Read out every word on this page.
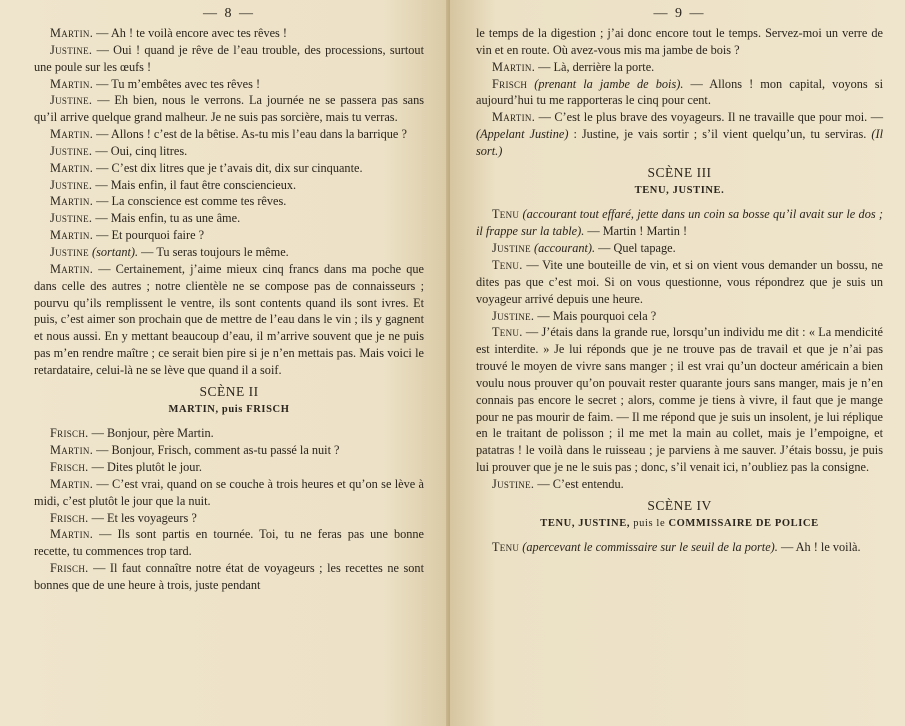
— 8 —

Martin. — Ah ! te voilà encore avec tes rêves !

Justine. — Oui ! quand je rêve de l’eau trouble, des processions, surtout une poule sur les œufs !

Martin. — Tu m’embêtes avec tes rêves !

Justine. — Eh bien, nous le verrons. La journée ne se passera pas sans qu’il arrive quelque grand malheur. Je ne suis pas sorcière, mais tu verras.

Martin. — Allons ! c’est de la bêtise. As-tu mis l’eau dans la barrique ?

Justine. — Oui, cinq litres.

Martin. — C’est dix litres que je t’avais dit, dix sur cinquante.

Justine. — Mais enfin, il faut être consciencieux.

Martin. — La conscience est comme tes rêves.

Justine. — Mais enfin, tu as une âme.

Martin. — Et pourquoi faire ?

Justine (sortant). — Tu seras toujours le même.

Martin. — Certainement, j’aime mieux cinq francs dans ma poche que dans celle des autres ; notre clientèle ne se compose pas de connaisseurs ; pourvu qu’ils remplissent le ventre, ils sont contents quand ils sont ivres. Et puis, c’est aimer son prochain que de mettre de l’eau dans le vin ; ils y gagnent et nous aussi. En y mettant beaucoup d’eau, il m’arrive souvent que je ne puis pas m’en rendre maître ; ce serait bien pire si je n’en mettais pas. Mais voici le retardataire, celui-là ne se lève que quand il a soif.

SCÈNE II
MARTIN, puis FRISCH

Frisch. — Bonjour, père Martin.

Martin. — Bonjour, Frisch, comment as-tu passé la nuit ?

Frisch. — Dites plutôt le jour.

Martin. — C’est vrai, quand on se couche à trois heures et qu’on se lève à midi, c’est plutôt le jour que la nuit.

Frisch. — Et les voyageurs ?

Martin. — Ils sont partis en tournée. Toi, tu ne feras pas une bonne recette, tu commences trop tard.

Frisch. — Il faut connaître notre état de voyageurs ; les recettes ne sont bonnes que de une heure à trois, juste pendant

— 9 —

le temps de la digestion ; j’ai donc encore tout le temps. Servez-moi un verre de vin et en route. Où avez-vous mis ma jambe de bois ?

Martin. — Là, derrière la porte.

Frisch (prenant la jambe de bois). — Allons ! mon capital, voyons si aujourd’hui tu me rapporteras le cinq pour cent.

Martin. — C’est le plus brave des voyageurs. Il ne travaille que pour moi. — (Appelant Justine) : Justine, je vais sortir ; s’il vient quelqu’un, tu serviras. (Il sort.)

SCÈNE III
TENU, JUSTINE.

Tenu (accourant tout effaré, jette dans un coin sa bosse qu’il avait sur le dos ; il frappe sur la table). — Martin ! Martin !

Justine (accourant). — Quel tapage.

Tenu. — Vite une bouteille de vin, et si on vient vous demander un bossu, ne dites pas que c’est moi. Si on vous questionne, vous répondrez que je suis un voyageur arrivé depuis une heure.

Justine. — Mais pourquoi cela ?

Tenu. — J’étais dans la grande rue, lorsqu’un individu me dit : « La mendicité est interdite. » Je lui réponds que je ne trouve pas de travail et que je n’ai pas trouvé le moyen de vivre sans manger ; il est vrai qu’un docteur américain a bien voulu nous prouver qu’on pouvait rester quarante jours sans manger, mais je n’en connais pas encore le secret ; alors, comme je tiens à vivre, il faut que je mange pour ne pas mourir de faim. — Il me répond que je suis un insolent, je lui réplique en le traitant de polisson ; il me met la main au collet, mais je l’empoigne, et patatras ! le voilà dans le ruisseau ; je parviens à me sauver. J’étais bossu, je puis lui prouver que je ne le suis pas ; donc, s’il venait ici, n’oubliez pas la consigne.

Justine. — C’est entendu.

SCÈNE IV
TENU, JUSTINE, puis le COMMISSAIRE DE POLICE

Tenu (apercevant le commissaire sur le seuil de la porte). — Ah ! le voilà.
